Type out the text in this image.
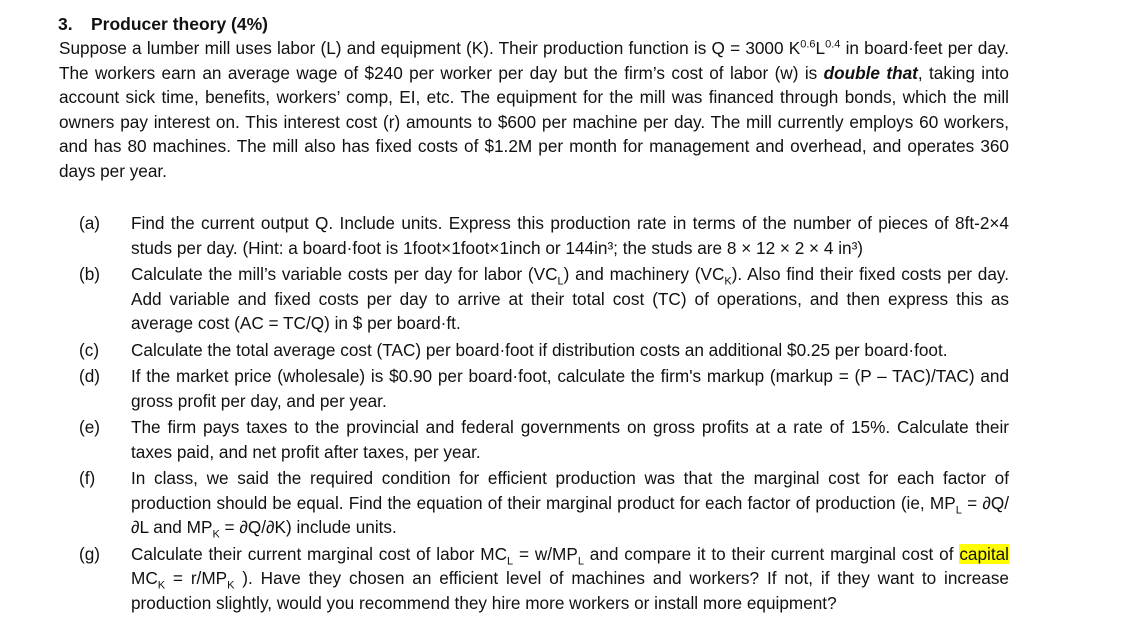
3. Producer theory (4%)

Suppose a lumber mill uses labor (L) and equipment (K). Their production function is Q = 3000 $K^{0.6}L^{0.4}$ in board·feet per day. The workers earn an average wage of $240 per worker per day but the firm’s cost of labor (w) is double that, taking into account sick time, benefits, workers’ comp, EI, etc. The equipment for the mill was financed through bonds, which the mill owners pay interest on. This interest cost (r) amounts to $600 per machine per day. The mill currently employs 60 workers, and has 80 machines. The mill also has fixed costs of $1.2M per month for management and overhead, and operates 360 days per year.

(a)	Find the current output Q. Include units. Express this production rate in terms of the number of pieces of 8ft-2×4 studs per day. (Hint: a board·foot is 1foot×1foot×1inch or 144in³; the studs are 8 × 12 × 2 × 4 in³)
(b)	Calculate the mill’s variable costs per day for labor $(VC_L)$ and machinery $(VC_K)$. Also find their fixed costs per day. Add variable and fixed costs per day to arrive at their total cost (TC) of operations, and then express this as average cost (AC = TC/Q) in $ per board·ft.
(c)	Calculate the total average cost (TAC) per board·foot if distribution costs an additional $0.25 per board·foot.
(d)	If the market price (wholesale) is $0.90 per board·foot, calculate the firm's markup (markup = (P – TAC)/TAC) and gross profit per day, and per year.
(e)	The firm pays taxes to the provincial and federal governments on gross profits at a rate of 15%. Calculate their taxes paid, and net profit after taxes, per year.
(f)	In class, we said the required condition for efficient production was that the marginal cost for each factor of production should be equal. Find the equation of their marginal product for each factor of production (ie, $MP_L = \partial Q/\partial L$ and $MP_K = \partial Q/\partial K$) include units.
(g)	Calculate their current marginal cost of labor $MC_L = w/MP_L$ and compare it to their current marginal cost of capital $MC_K = r/MP_K$ ). Have they chosen an efficient level of machines and workers? If not, if they want to increase production slightly, would you recommend they hire more workers or install more equipment?
